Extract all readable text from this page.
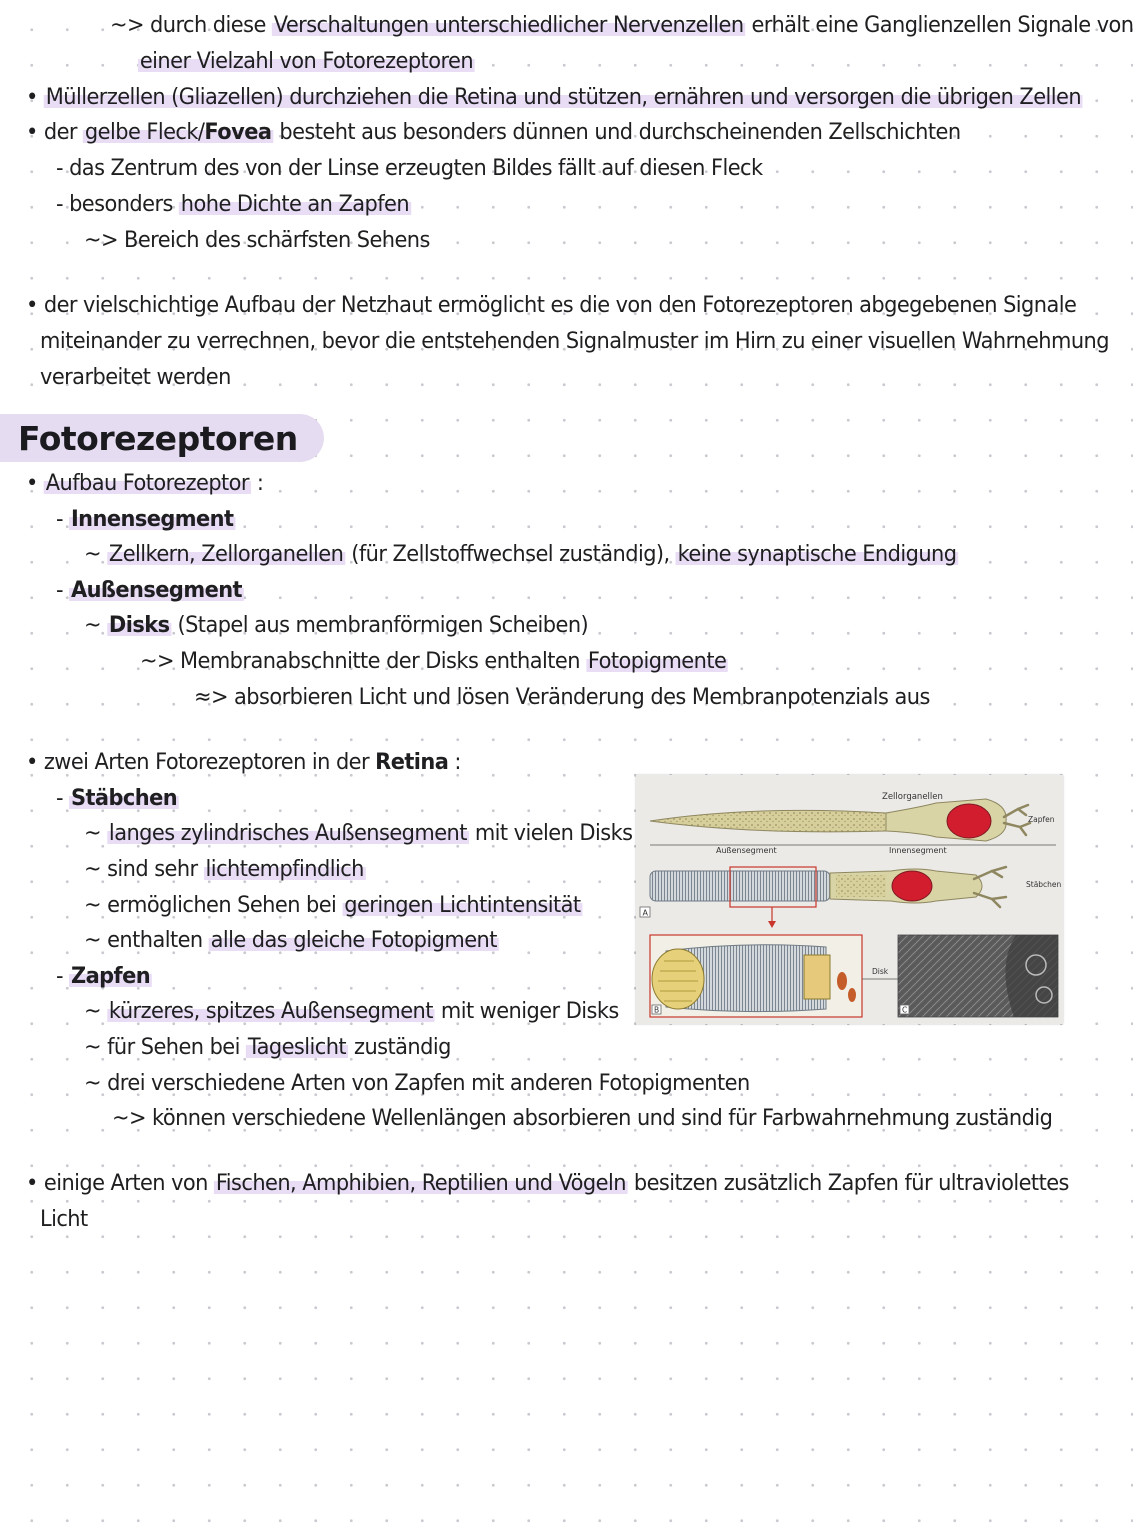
~> durch diese Verschaltungen unterschiedlicher Nervenzellen erhält eine Ganglienzellen Signale von
einer Vielzahl von Fotorezeptoren
• Müllerzellen (Gliazellen) durchziehen die Retina und stützen, ernähren und versorgen die übrigen Zellen
• der gelbe Fleck/Fovea besteht aus besonders dünnen und durchscheinenden Zellschichten
- das Zentrum des von der Linse erzeugten Bildes fällt auf diesen Fleck
- besonders hohe Dichte an Zapfen
~> Bereich des schärfsten Sehens
• der vielschichtige Aufbau der Netzhaut ermöglicht es die von den Fotorezeptoren abgegebenen Signale
miteinander zu verrechnen, bevor die entstehenden Signalmuster im Hirn zu einer visuellen Wahrnehmung
verarbeitet werden
Fotorezeptoren
• Aufbau Fotorezeptor :
- Innensegment
~ Zellkern, Zellorganellen (für Zellstoffwechsel zuständig), keine synaptische Endigung
- Außensegment
~ Disks (Stapel aus membranförmigen Scheiben)
~> Membranabschnitte der Disks enthalten Fotopigmente
≈> absorbieren Licht und lösen Veränderung des Membranpotenzials aus
• zwei Arten Fotorezeptoren in der Retina :
- Stäbchen
~ langes zylindrisches Außensegment mit vielen Disks
~ sind sehr lichtempfindlich
~ ermöglichen Sehen bei geringen Lichtintensität
~ enthalten alle das gleiche Fotopigment
- Zapfen
~ kürzeres, spitzes Außensegment mit weniger Disks
~ für Sehen bei Tageslicht zuständig
~ drei verschiedene Arten von Zapfen mit anderen Fotopigmenten
~> können verschiedene Wellenlängen absorbieren und sind für Farbwahrnehmung zuständig
• einige Arten von Fischen, Amphibien, Reptilien und Vögeln besitzen zusätzlich Zapfen für ultraviolettes
Licht
Zellorganellen
Zapfen
Außensegment	Innensegment
Stäbchen
A
B
Disk
C
